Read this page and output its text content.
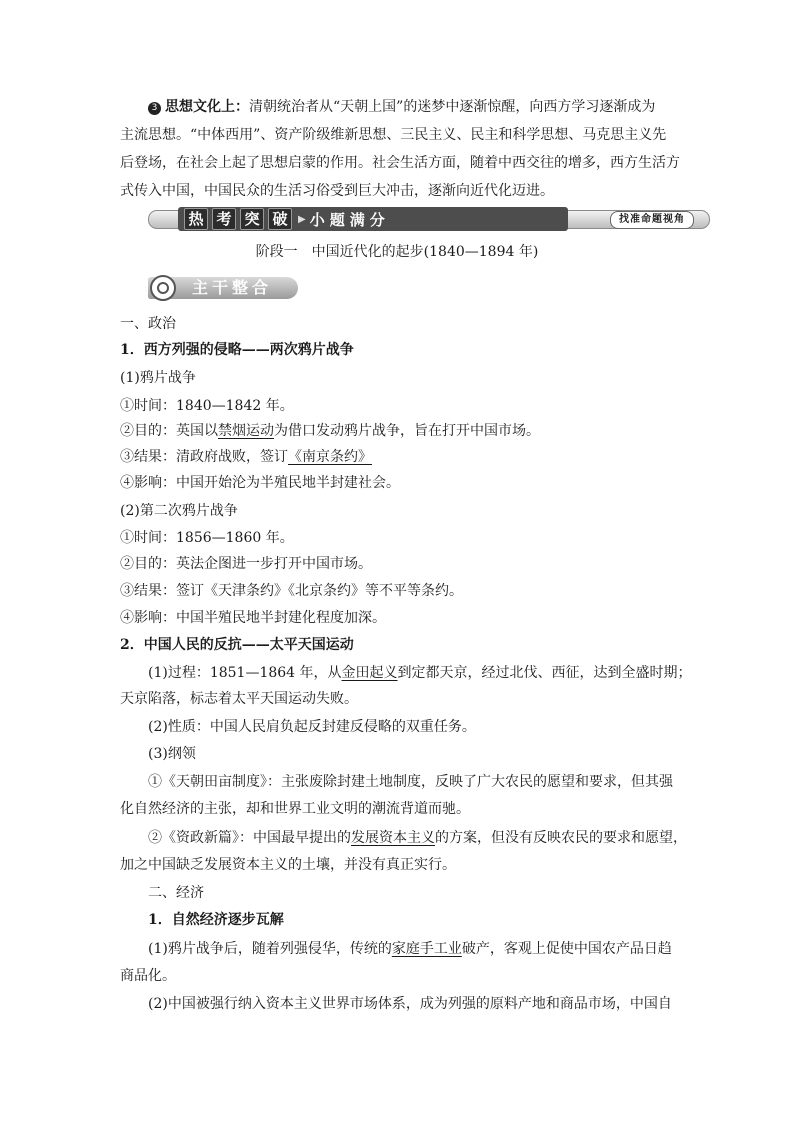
3 思想文化上：清朝统治者从“天朝上国”的迷梦中逐渐惊醒，向西方学习逐渐成为
主流思想。“中体西用”、资产阶级维新思想、三民主义、民主和科学思想、马克思主义先
后登场，在社会上起了思想启蒙的作用。社会生活方面，随着中西交往的增多，西方生活方
式传入中国，中国民众的生活习俗受到巨大冲击，逐渐向近代化迈进。
热 考 突 破	▶ 小题满分	找准命题视角
阶段一　中国近代化的起步(1840—1894 年)
主干整合
一、政治
1．西方列强的侵略——两次鸦片战争
(1)鸦片战争
①时间：1840—1842 年。
②目的：英国以禁烟运动为借口发动鸦片战争，旨在打开中国市场。
③结果：清政府战败，签订《南京条约》
④影响：中国开始沦为半殖民地半封建社会。
(2)第二次鸦片战争
①时间：1856—1860 年。
②目的：英法企图进一步打开中国市场。
③结果：签订《天津条约》《北京条约》等不平等条约。
④影响：中国半殖民地半封建化程度加深。
2．中国人民的反抗——太平天国运动
(1)过程：1851—1864 年，从金田起义到定都天京，经过北伐、西征，达到全盛时期；
天京陷落，标志着太平天国运动失败。
(2)性质：中国人民肩负起反封建反侵略的双重任务。
(3)纲领
①《天朝田亩制度》：主张废除封建土地制度，反映了广大农民的愿望和要求，但其强
化自然经济的主张，却和世界工业文明的潮流背道而驰。
②《资政新篇》：中国最早提出的发展资本主义的方案，但没有反映农民的要求和愿望，
加之中国缺乏发展资本主义的土壤，并没有真正实行。
二、经济
1．自然经济逐步瓦解
(1)鸦片战争后，随着列强侵华，传统的家庭手工业破产，客观上促使中国农产品日趋
商品化。
(2)中国被强行纳入资本主义世界市场体系，成为列强的原料产地和商品市场，中国自
